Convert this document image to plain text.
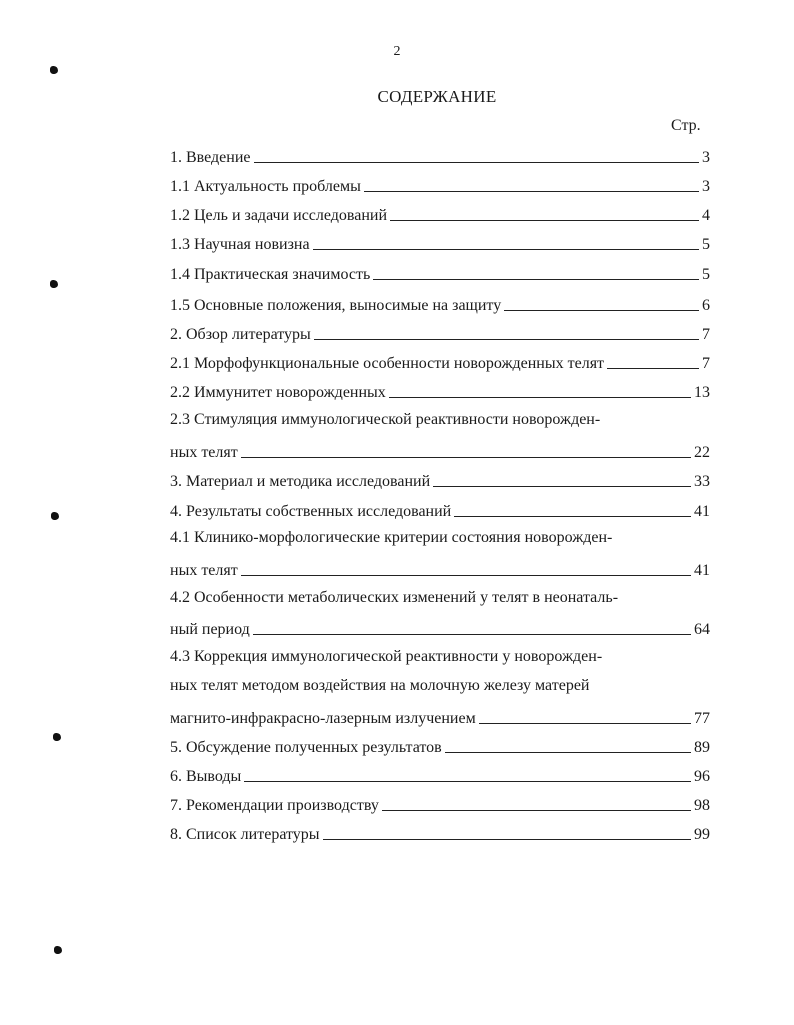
2
СОДЕРЖАНИЕ
Стр.
1. Введение	3
1.1 Актуальность проблемы	3
1.2 Цель и задачи исследований	4
1.3 Научная новизна	5
1.4 Практическая значимость	5
1.5 Основные положения, выносимые на защиту	6
2. Обзор литературы	7
2.1 Морфофункциональные особенности новорожденных телят	7
2.2 Иммунитет новорожденных	13
2.3 Стимуляция иммунологической реактивности новорожден-
ных телят	22
3. Материал и методика исследований	33
4. Результаты собственных исследований	41
4.1 Клинико-морфологические критерии состояния новорожден-
ных телят	41
4.2 Особенности метаболических изменений у телят в неонаталь-
ный период	64
4.3 Коррекция иммунологической реактивности у новорожден-
ных телят методом воздействия на молочную железу матерей
магнито-инфракрасно-лазерным излучением	77
5. Обсуждение полученных результатов	89
6. Выводы	96
7. Рекомендации производству	98
8. Список литературы	99
